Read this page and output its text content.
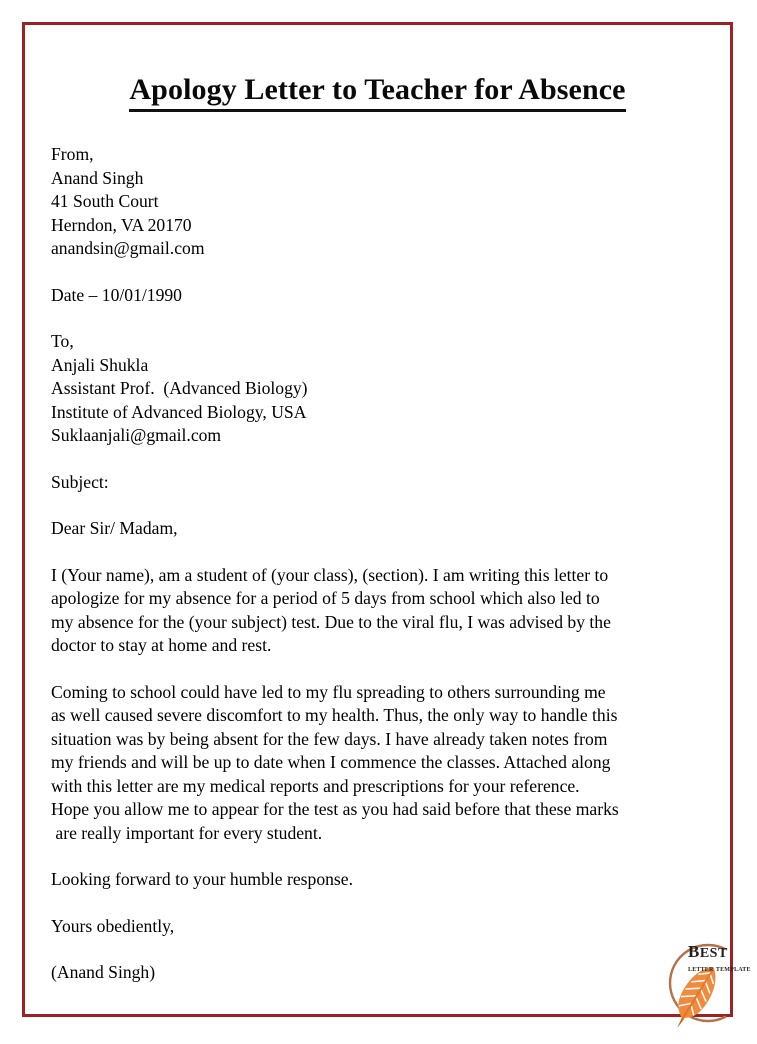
Apology Letter to Teacher for Absence
From,
Anand Singh
41 South Court
Herndon, VA 20170
anandsin@gmail.com
Date – 10/01/1990
To,
Anjali Shukla
Assistant Prof.  (Advanced Biology)
Institute of Advanced Biology, USA
Suklaanjali@gmail.com
Subject:
Dear Sir/ Madam,
I (Your name), am a student of (your class), (section). I am writing this letter to
apologize for my absence for a period of 5 days from school which also led to
my absence for the (your subject) test. Due to the viral flu, I was advised by the
doctor to stay at home and rest.
Coming to school could have led to my flu spreading to others surrounding me
as well caused severe discomfort to my health. Thus, the only way to handle this
situation was by being absent for the few days. I have already taken notes from
my friends and will be up to date when I commence the classes. Attached along
with this letter are my medical reports and prescriptions for your reference.
Hope you allow me to appear for the test as you had said before that these marks
are really important for every student.
Looking forward to your humble response.
Yours obediently,
(Anand Singh)
best
letter template
